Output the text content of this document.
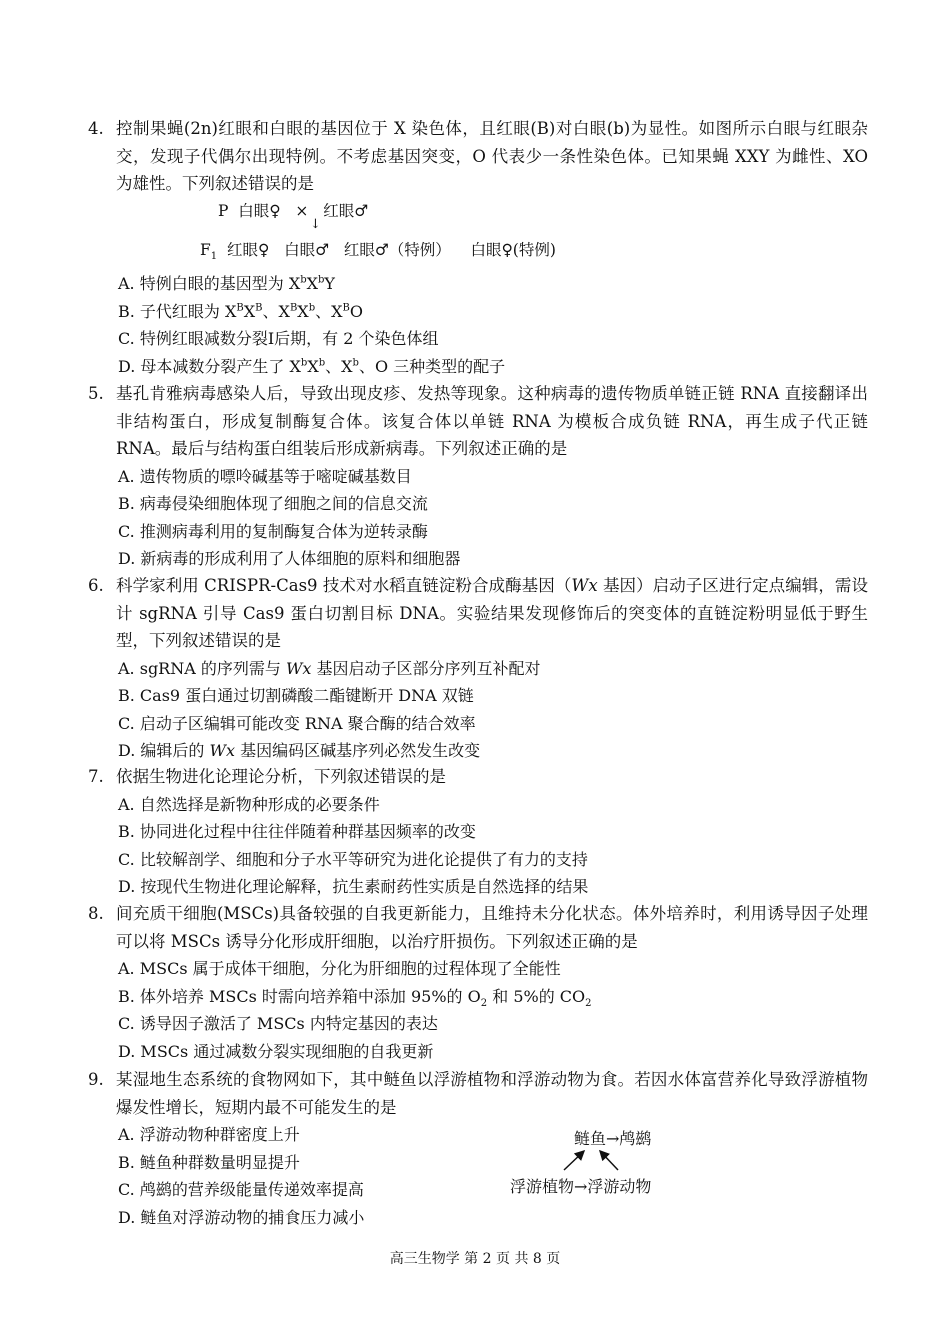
4. 控制果蝇(2n)红眼和白眼的基因位于 X 染色体，且红眼(B)对白眼(b)为显性。如图所示白眼与红眼杂交，发现子代偶尔出现特例。不考虑基因突变，O 代表少一条性染色体。已知果蝇 XXY 为雌性、XO 为雄性。下列叙述错误的是
P 白眼♀ × 红眼♂
↓
$F_1$ 红眼♀ 白眼♂ 红眼♂（特例） 白眼♀(特例)
A. 特例白眼的基因型为 $X^bX^bY$
B. 子代红眼为 $X^BX^B$、$X^BX^b$、$X^BO$
C. 特例红眼减数分裂I后期，有 2 个染色体组
D. 母本减数分裂产生了 $X^bX^b$、$X^b$、O 三种类型的配子
5. 基孔肯雅病毒感染人后，导致出现皮疹、发热等现象。这种病毒的遗传物质单链正链 RNA 直接翻译出非结构蛋白，形成复制酶复合体。该复合体以单链 RNA 为模板合成负链 RNA，再生成子代正链 RNA。最后与结构蛋白组装后形成新病毒。下列叙述正确的是
A. 遗传物质的嘌呤碱基等于嘧啶碱基数目
B. 病毒侵染细胞体现了细胞之间的信息交流
C. 推测病毒利用的复制酶复合体为逆转录酶
D. 新病毒的形成利用了人体细胞的原料和细胞器
6. 科学家利用 CRISPR-Cas9 技术对水稻直链淀粉合成酶基因（Wx 基因）启动子区进行定点编辑，需设计 sgRNA 引导 Cas9 蛋白切割目标 DNA。实验结果发现修饰后的突变体的直链淀粉明显低于野生型，下列叙述错误的是
A. sgRNA 的序列需与 Wx 基因启动子区部分序列互补配对
B. Cas9 蛋白通过切割磷酸二酯键断开 DNA 双链
C. 启动子区编辑可能改变 RNA 聚合酶的结合效率
D. 编辑后的 Wx 基因编码区碱基序列必然发生改变
7. 依据生物进化论理论分析，下列叙述错误的是
A. 自然选择是新物种形成的必要条件
B. 协同进化过程中往往伴随着种群基因频率的改变
C. 比较解剖学、细胞和分子水平等研究为进化论提供了有力的支持
D. 按现代生物进化理论解释，抗生素耐药性实质是自然选择的结果
8. 间充质干细胞(MSCs)具备较强的自我更新能力，且维持未分化状态。体外培养时，利用诱导因子处理可以将 MSCs 诱导分化形成肝细胞，以治疗肝损伤。下列叙述正确的是
A. MSCs 属于成体干细胞，分化为肝细胞的过程体现了全能性
B. 体外培养 MSCs 时需向培养箱中添加 95%的 $O_2$ 和 5%的 $CO_2$
C. 诱导因子激活了 MSCs 内特定基因的表达
D. MSCs 通过减数分裂实现细胞的自我更新
9. 某湿地生态系统的食物网如下，其中鲢鱼以浮游植物和浮游动物为食。若因水体富营养化导致浮游植物爆发性增长，短期内最不可能发生的是
A. 浮游动物种群密度上升
B. 鲢鱼种群数量明显提升
C. 鸬鹚的营养级能量传递效率提高
D. 鲢鱼对浮游动物的捕食压力减小
鲢鱼→鸬鹚
浮游植物→浮游动物
高三生物学 第 2 页 共 8 页
